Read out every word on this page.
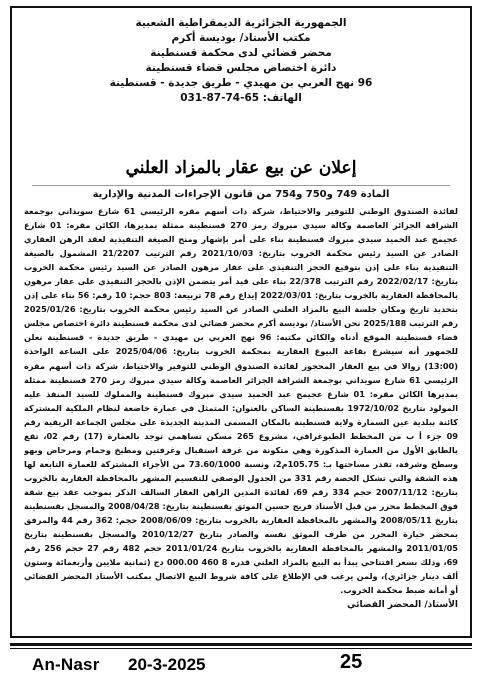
الجمهورية الجزائرية الديمقراطية الشعبية
مكتب الأستاذ/ بوديسة أكرم
محضر قضائي لدى محكمة قسنطينة
دائرة اختصاص مجلس قضاء قسنطينة
96 نهج العربي بن مهيدي - طريق جديدة - قسنطينة
الهاتف: 65-74-87-031
إعلان عن بيع عقار بالمزاد العلني
المادة 749 و750 و754 من قانون الإجراءات المدنية والإدارية
لفائدة الصندوق الوطني للتوفير والاحتياط، شركة ذات أسهم مقره الرئيسي 61 شارع سويداني بوجمعة الشراقة الجزائر العاصمة وكالة سيدي مبروك رمز 270 قسنطينة ممثلة بمديرها، الكائن مقره: 01 شارع عجيمج عبد الحميد سيدي مبروك قسنطينة بناء على أمر بإشهار ومنح الصيغة التنفيذية لعقد الرهن العقاري الصادر عن السيد رئيس محكمة الخروب بتاريخ: 2021/10/03 رقم الترتيب 21/2207 المشمول بالصيغة التنفيذية بناء على إذن بتوقيع الحجز التنفيذي على عقار مرهون الصادر عن السيد رئيس محكمة الخروب بتاريخ: 2022/02/17 رقم الترتيب 22/378 بناء على قيد أمر يتضمن الإذن بالحجز التنفيذي على عقار مرهون بالمحافظة العقارية بالخروب بتاريخ: 2022/03/01 إيداع رقم 78 تربيعة: 803 حجم: 10 رقم: 56 بناء على إذن بتحديد تاريخ ومكان جلسة البيع بالمزاد العلني الصادر عن السيد رئيس محكمة الخروب بتاريخ: 2025/01/26 رقم الترتيب 2025/188 نحن الأستاذ/ بوديسة أكرم محضر قضائي لدى محكمة قسنطينة دائرة اختصاص مجلس قضاء قسنطينة الموقع أدناه والكائن مكتبه: 96 نهج العربي بن مهيدي - طريق جديدة - قسنطينة نعلن للجمهور أنه سيشرع بقاعة البيوع العقارية بمحكمة الخروب بتاريخ: 2025/04/06 على الساعة الواحدة (13:00) زوالا في بيع العقار المحجوز لفائدة الصندوق الوطني للتوفير والاحتياط، شركة ذات أسهم مقره الرئيسي 61 شارع سويداني بوجمعة الشراقة الجزائر العاصمة وكالة سيدي مبروك رمز 270 قسنطينة ممثلة بمديرها الكائن مقره: 01 شارع عجيمج عبد الحميد سيدي مبروك قسنطينة والمملوك للسيد المنفذ عليه المولود بتاريخ 1972/10/02 بقسنطينة الساكن بالعنوان: المتمثل في عمارة خاضعة لنظام الملكية المشتركة كائنة ببلدية عين السمارة ولاية قسنطينة بالمكان المسمى المدينة الجديدة على مجلس الجماعة الريفية رقم 09 جزء أ ب من المخطط الطبوغرافي، مشروع 265 مسكن تساهمي توجد بالعمارة (17) رقم 02، تقع بالطابق الأول من العمارة المذكورة وهي متكونة من غرفة استقبال وغرفتين ومطبخ وحمام ومرحاض وبهو وسطح وشرفة، تقدر مساحتها بـ: 105.75م2، ونسبة 73.60/1000 من الأجزاء المشتركة للعمارة التابعة لها هذه الشقة والتي تشكل الحصة رقم 331 من الجدول الوصفي للتقسيم المشهر بالمحافظة العقارية بالخروب بتاريخ: 2007/11/12 حجم 334 رقم 69، لفائدة المدين الراهن العقار السالف الذكر بموجب عقد بيع شقة فوق المخطط محرر من قبل الأستاذ فريج حسين الموثق بقسنطينة بتاريخ: 2008/04/28 والمسجل بقسنطينة بتاريخ 2008/05/11 والمشهر بالمحافظة العقارية بالخروب بتاريخ: 2008/06/09 حجم: 362 رقم 44 والمرفق بمحضر حيازة المحرر من طرف الموثق نفسه والصادر بتاريخ 2010/12/27 والمسجل بقسنطينة بتاريخ 2011/01/05 والمشهر بالمحافظة العقارية بالخروب بتاريخ 2011/01/24 حجم 482 رقم 27 حجم 256 رقم 69، وذلك بسعر افتتاحي يبدأ به البيع بالمزاد العلني قدره 8 460 000.00 دج (ثمانية ملايين وأربعمائة وستون ألف دينار جزائري)، ولمن يرغب في الإطلاع على كافة شروط البيع الاتصال بمكتب الأستاذ المحضر القضائي أو أمانة ضبط محكمة الخروب.
الأستاذ/ المحضر القضائي
An-Nasr 20-3-2025	25
